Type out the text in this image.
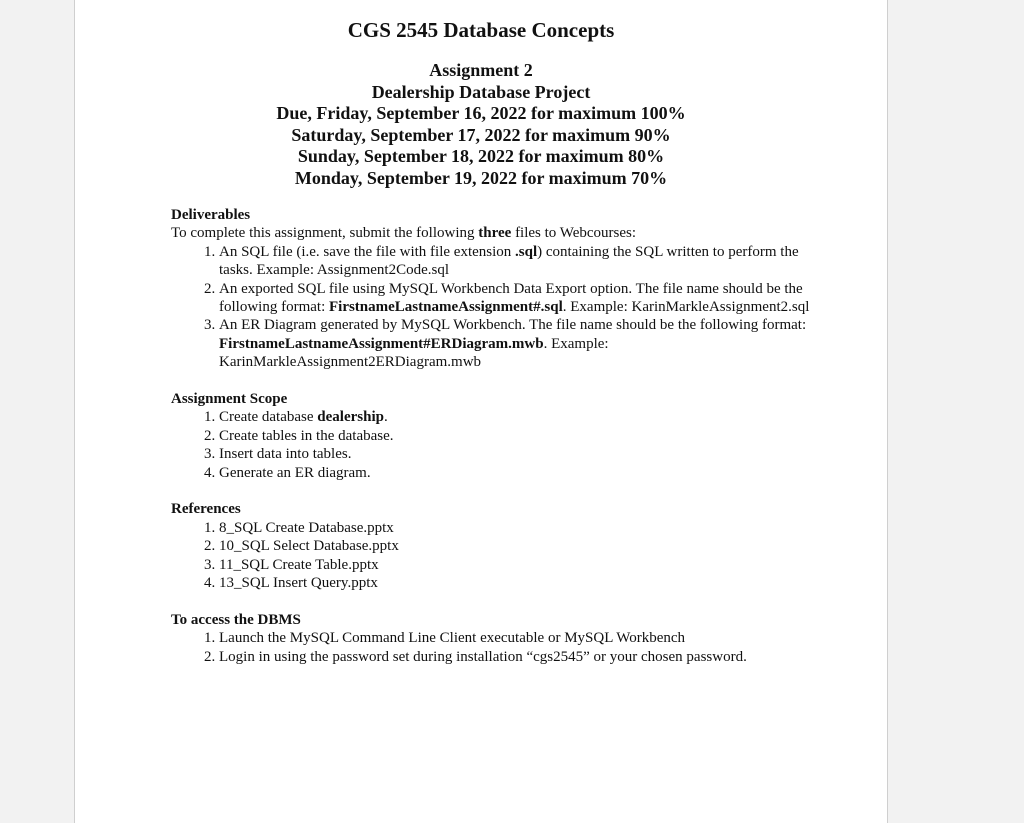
CGS 2545 Database Concepts
Assignment 2
Dealership Database Project
Due, Friday, September 16, 2022 for maximum 100%
Saturday, September 17, 2022 for maximum 90%
Sunday, September 18, 2022 for maximum 80%
Monday, September 19, 2022 for maximum 70%
Deliverables
To complete this assignment, submit the following three files to Webcourses:
1. An SQL file (i.e. save the file with file extension .sql) containing the SQL written to perform the tasks. Example: Assignment2Code.sql
2. An exported SQL file using MySQL Workbench Data Export option. The file name should be the following format: FirstnameLastnameAssignment#.sql. Example: KarinMarkleAssignment2.sql
3. An ER Diagram generated by MySQL Workbench. The file name should be the following format: FirstnameLastnameAssignment#ERDiagram.mwb. Example: KarinMarkleAssignment2ERDiagram.mwb
Assignment Scope
1. Create database dealership.
2. Create tables in the database.
3. Insert data into tables.
4. Generate an ER diagram.
References
1. 8_SQL Create Database.pptx
2. 10_SQL Select Database.pptx
3. 11_SQL Create Table.pptx
4. 13_SQL Insert Query.pptx
To access the DBMS
1. Launch the MySQL Command Line Client executable or MySQL Workbench
2. Login in using the password set during installation “cgs2545” or your chosen password.
